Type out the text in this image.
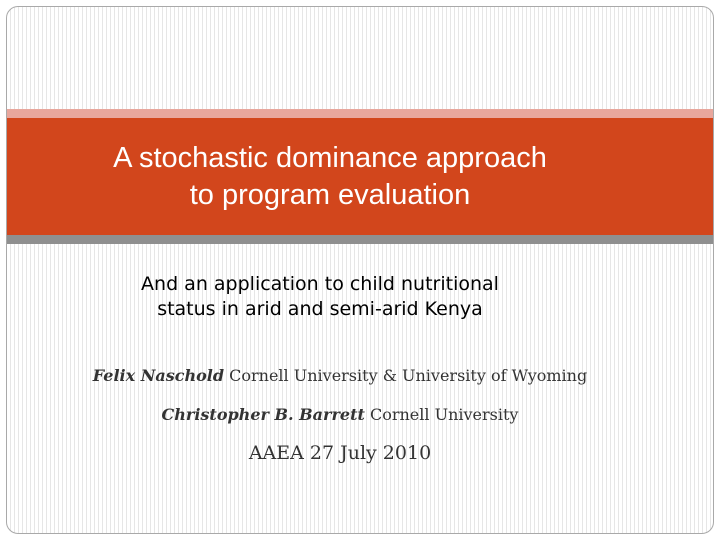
A stochastic dominance approach
to program evaluation
And an application to child nutritional
status in arid and semi-arid Kenya
Felix Naschold Cornell University & University of Wyoming
Christopher B. Barrett Cornell University
AAEA 27 July 2010
